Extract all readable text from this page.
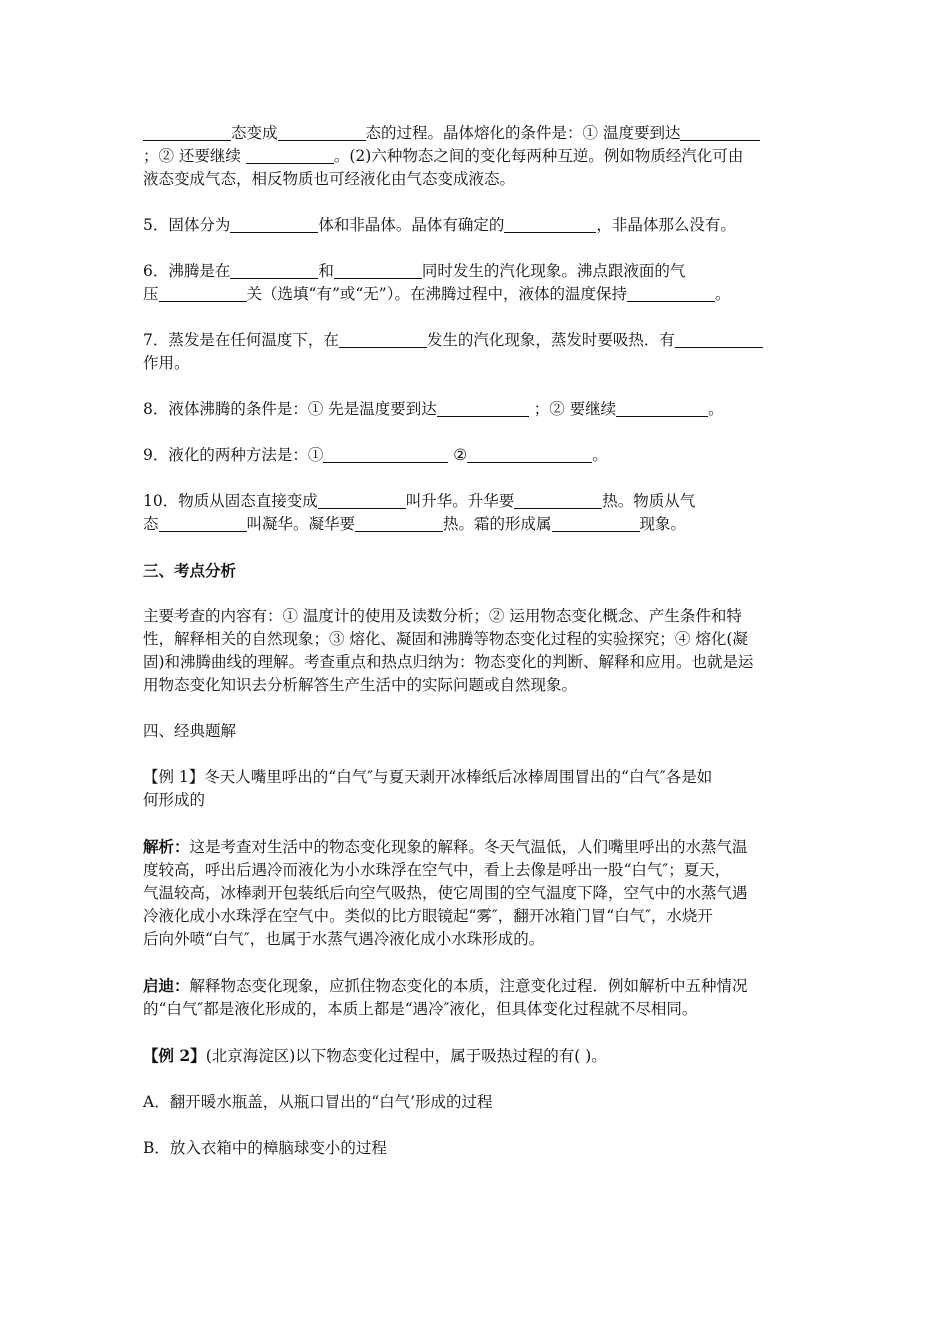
态变成	态的过程。晶体熔化的条件是：① 温度要到达
；② 还要继续	。(2)六种物态之间的变化每两种互逆。例如物质经汽化可由
液态变成气态，相反物质也可经液化由气态变成液态。

5．固体分为	体和非晶体。晶体有确定的	，非晶体那么没有。

6．沸腾是在	和	同时发生的汽化现象。沸点跟液面的气
压	关（选填“有”或“无”）。在沸腾过程中，液体的温度保持	。

7．蒸发是在任何温度下，在	发生的汽化现象，蒸发时要吸热．有
作用。

8．液体沸腾的条件是：① 先是温度要到达	；② 要继续	。

9．液化的两种方法是：①	②	。

10．物质从固态直接变成	叫升华。升华要	热。物质从气
态	叫凝华。凝华要	热。霜的形成属	现象。

三、考点分析

主要考查的内容有：① 温度计的使用及读数分析；② 运用物态变化概念、产生条件和特
性，解释相关的自然现象；③ 熔化、凝固和沸腾等物态变化过程的实验探究；④ 熔化(凝
固)和沸腾曲线的理解。考查重点和热点归纳为：物态变化的判断、解释和应用。也就是运
用物态变化知识去分析解答生产生活中的实际问题或自然现象。

四、经典题解

【例 1】冬天人嘴里呼出的“白气″与夏天剥开冰棒纸后冰棒周围冒出的“白气″各是如
何形成的

解析：这是考查对生活中的物态变化现象的解释。冬天气温低，人们嘴里呼出的水蒸气温
度较高，呼出后遇冷而液化为小水珠浮在空气中，看上去像是呼出一股“白气″；夏天，
气温较高，冰棒剥开包装纸后向空气吸热，使它周围的空气温度下降，空气中的水蒸气遇
冷液化成小水珠浮在空气中。类似的比方眼镜起“雾″，翻开冰箱门冒“白气″，水烧开
后向外喷“白气″，也属于水蒸气遇冷液化成小水珠形成的。

启迪：解释物态变化现象，应抓住物态变化的本质，注意变化过程．例如解析中五种情况
的“白气″都是液化形成的，本质上都是“遇冷″液化，但具体变化过程就不尽相同。

【例 2】(北京海淀区)以下物态变化过程中，属于吸热过程的有( )。

A．翻开暖水瓶盖，从瓶口冒出的“白气’形成的过程

B．放入衣箱中的樟脑球变小的过程
